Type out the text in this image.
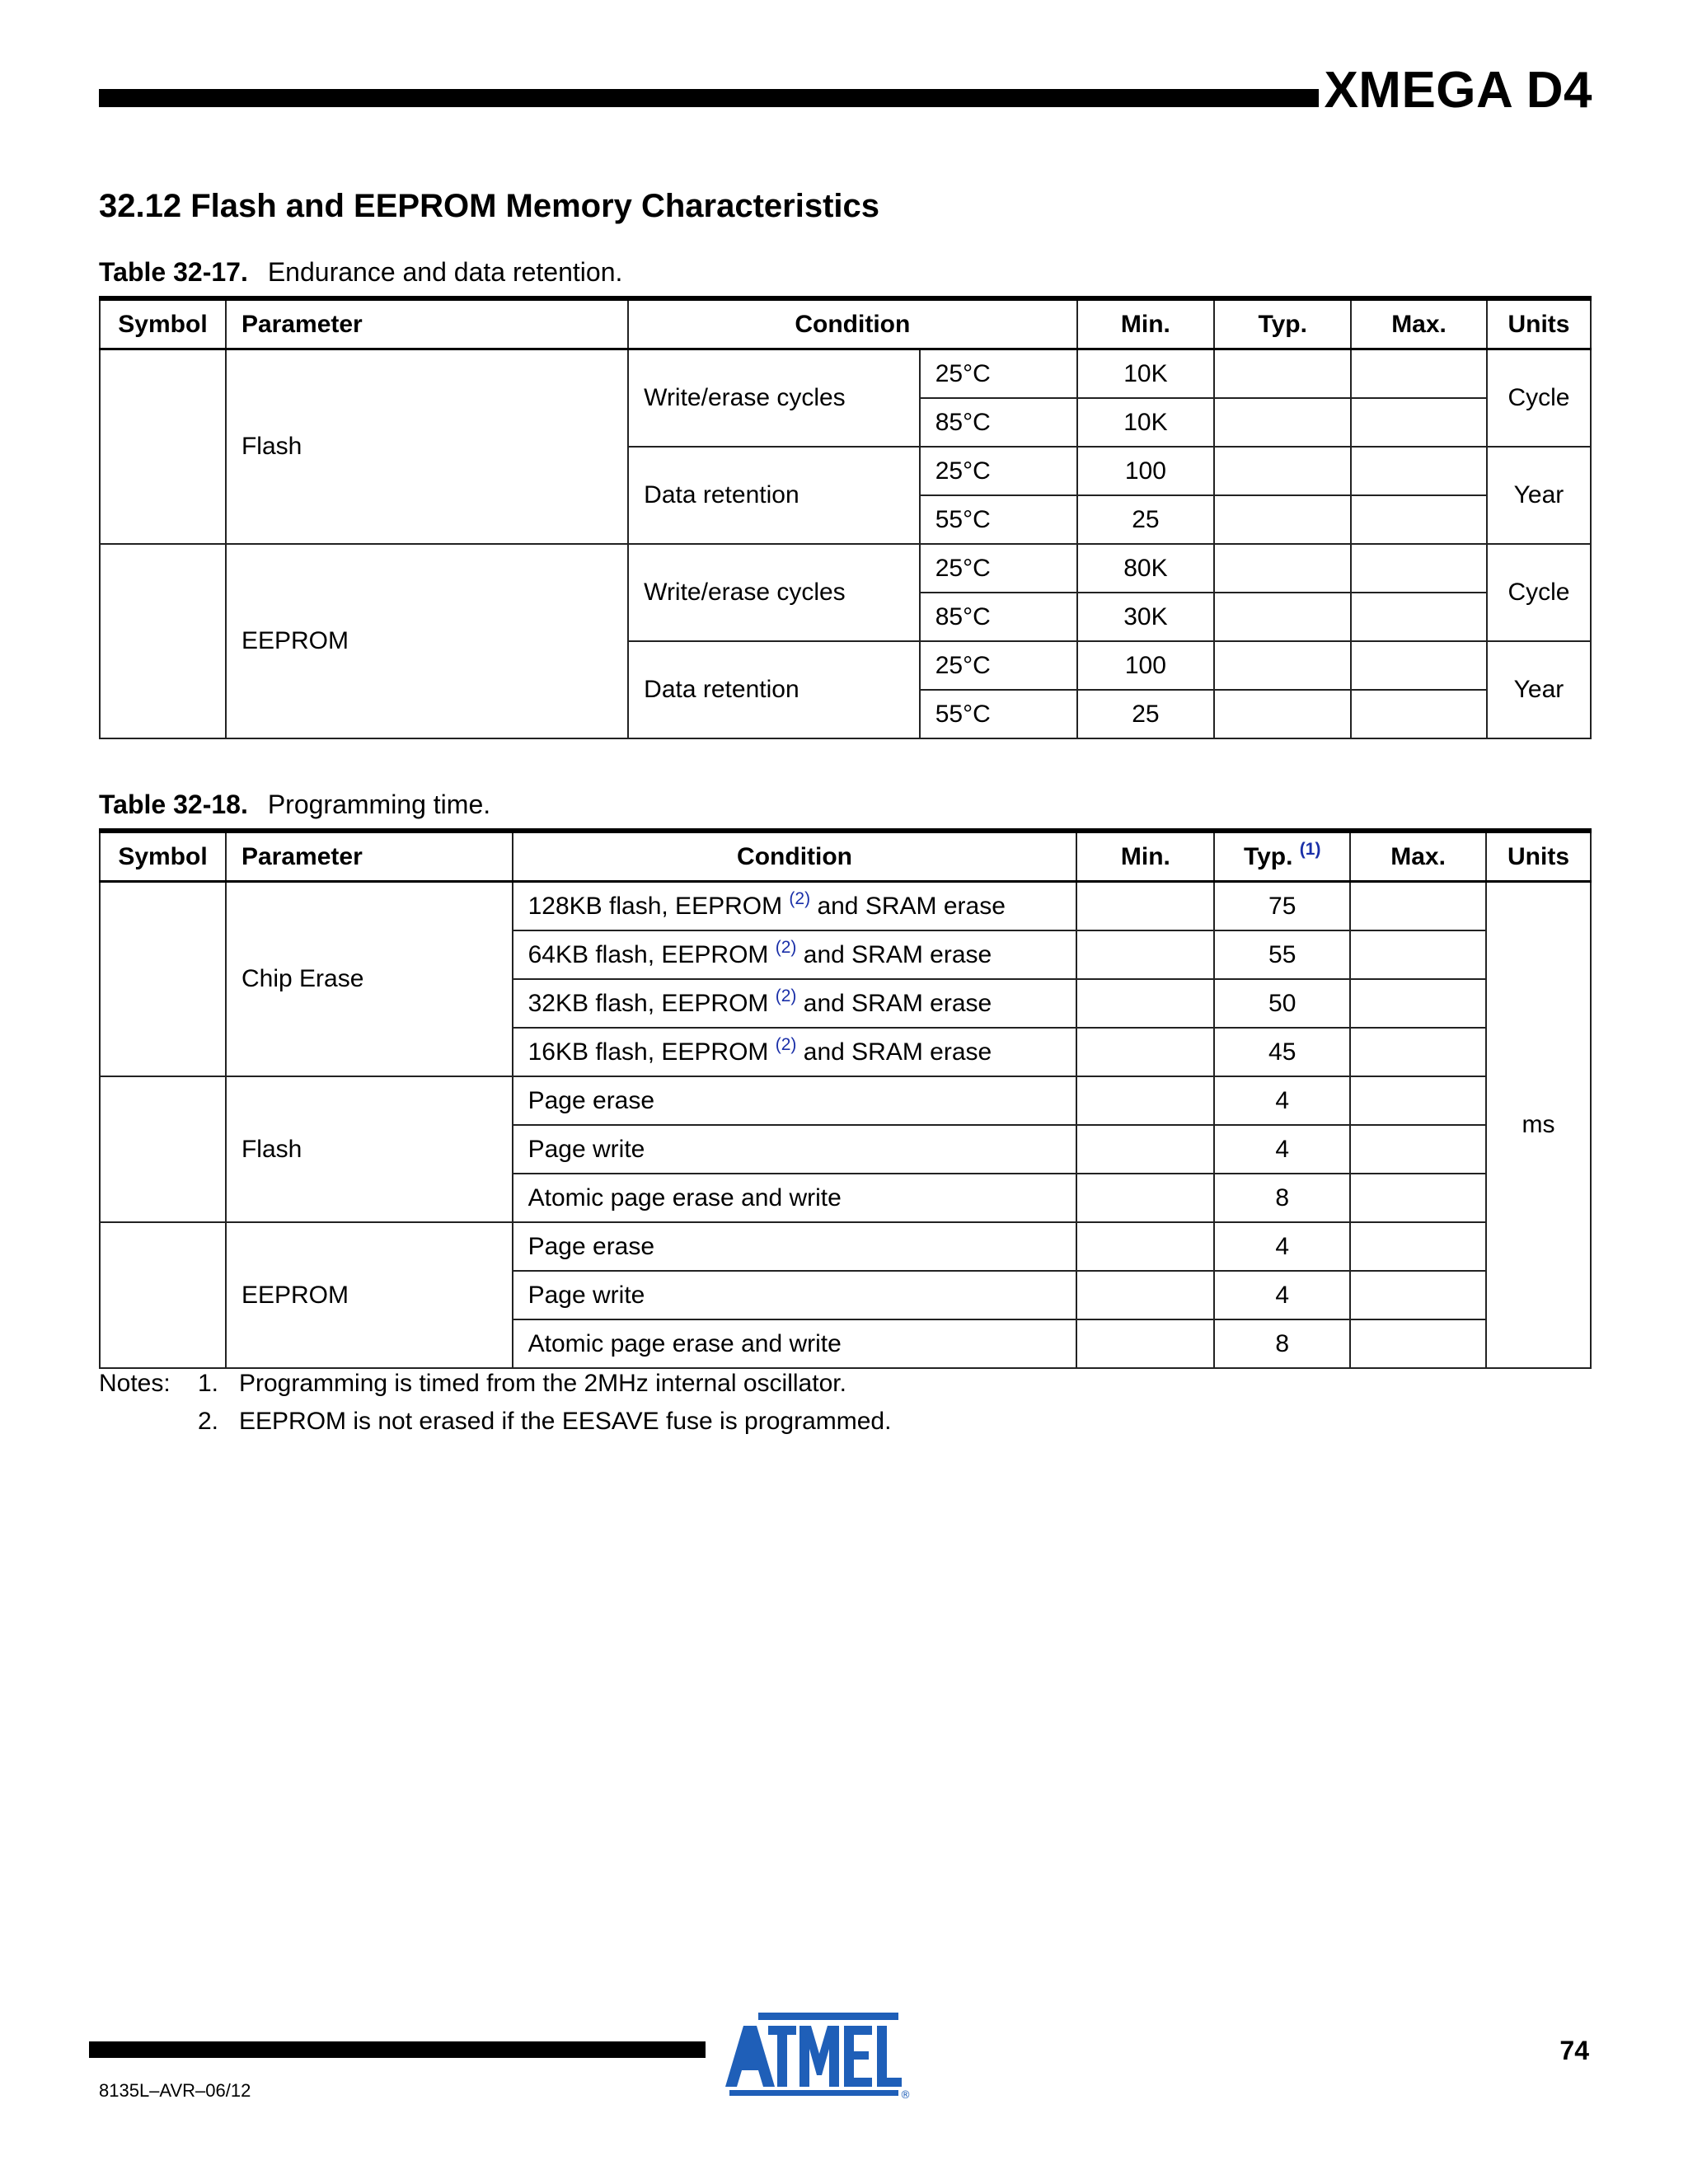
XMEGA D4
32.12 Flash and EEPROM Memory Characteristics
Table 32-17. Endurance and data retention.
Symbol	Parameter	Condition		Min.	Typ.	Max.	Units
	Flash	Write/erase cycles	25°C	10K			Cycle
			85°C	10K			
		Data retention	25°C	100			Year
			55°C	25			
	EEPROM	Write/erase cycles	25°C	80K			Cycle
			85°C	30K			
		Data retention	25°C	100			Year
			55°C	25			
Table 32-18. Programming time.
Symbol	Parameter	Condition	Min.	Typ. $^{(1)}$	Max.	Units
	Chip Erase	128KB flash, EEPROM $^{(2)}$ and SRAM erase		75		ms
		64KB flash, EEPROM $^{(2)}$ and SRAM erase		55		
		32KB flash, EEPROM $^{(2)}$ and SRAM erase		50		
		16KB flash, EEPROM $^{(2)}$ and SRAM erase		45		
	Flash	Page erase		4		
		Page write		4		
		Atomic page erase and write		8		
	EEPROM	Page erase		4		
		Page write		4		
		Atomic page erase and write		8		
Notes:	1. Programming is timed from the 2MHz internal oscillator.
2. EEPROM is not erased if the EESAVE fuse is programmed.
8135L–AVR–06/12
74
®
